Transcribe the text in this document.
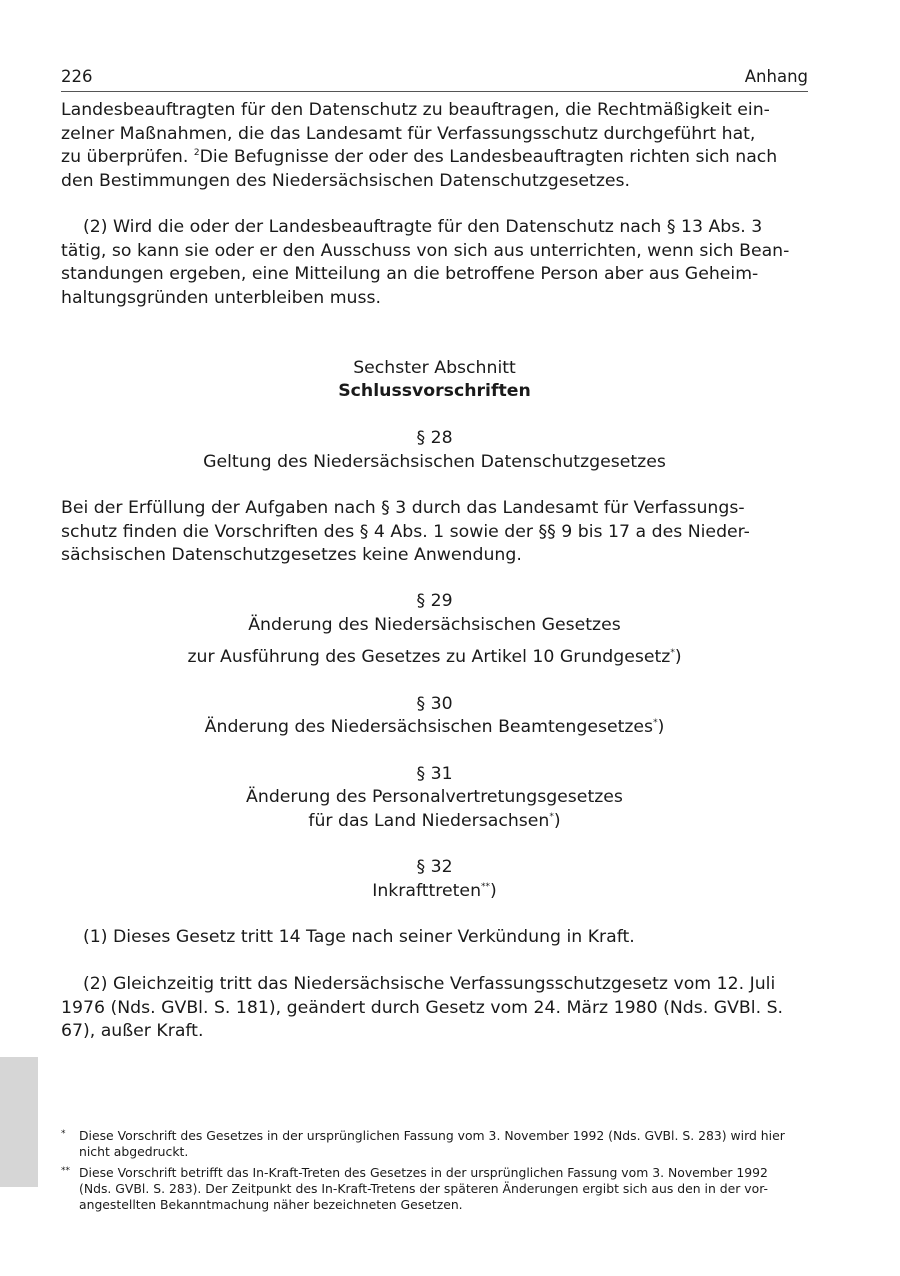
226	Anhang

Landesbeauftragten für den Datenschutz zu beauftragen, die Rechtmäßigkeit ein-
zelner Maßnahmen, die das Landesamt für Verfassungsschutz durchgeführt hat,
zu überprüfen. $^2$Die Befugnisse der oder des Landesbeauftragten richten sich nach
den Bestimmungen des Niedersächsischen Datenschutzgesetzes.

(2) Wird die oder der Landesbeauftragte für den Datenschutz nach § 13 Abs. 3
tätig, so kann sie oder er den Ausschuss von sich aus unterrichten, wenn sich Bean-
standungen ergeben, eine Mitteilung an die betroffene Person aber aus Geheim-
haltungsgründen unterbleiben muss.

Sechster Abschnitt

Schlussvorschriften

§ 28

Geltung des Niedersächsischen Datenschutzgesetzes

Bei der Erfüllung der Aufgaben nach § 3 durch das Landesamt für Verfassungs-
schutz finden die Vorschriften des § 4 Abs. 1 sowie der §§ 9 bis 17 a des Nieder-
sächsischen Datenschutzgesetzes keine Anwendung.

§ 29

Änderung des Niedersächsischen Gesetzes

zur Ausführung des Gesetzes zu Artikel 10 Grundgesetz*)

§ 30

Änderung des Niedersächsischen Beamtengesetzes*)

§ 31

Änderung des Personalvertretungsgesetzes

für das Land Niedersachsen*)

§ 32

Inkrafttreten**)

(1) Dieses Gesetz tritt 14 Tage nach seiner Verkündung in Kraft.

(2) Gleichzeitig tritt das Niedersächsische Verfassungsschutzgesetz vom 12. Juli
1976 (Nds. GVBl. S. 181), geändert durch Gesetz vom 24. März 1980 (Nds. GVBl. S.
67), außer Kraft.

* Diese Vorschrift des Gesetzes in der ursprünglichen Fassung vom 3. November 1992 (Nds. GVBl. S. 283) wird hier
nicht abgedruckt.

** Diese Vorschrift betrifft das In-Kraft-Treten des Gesetzes in der ursprünglichen Fassung vom 3. November 1992
(Nds. GVBl. S. 283). Der Zeitpunkt des In-Kraft-Tretens der späteren Änderungen ergibt sich aus den in der vor-
angestellten Bekanntmachung näher bezeichneten Gesetzen.
